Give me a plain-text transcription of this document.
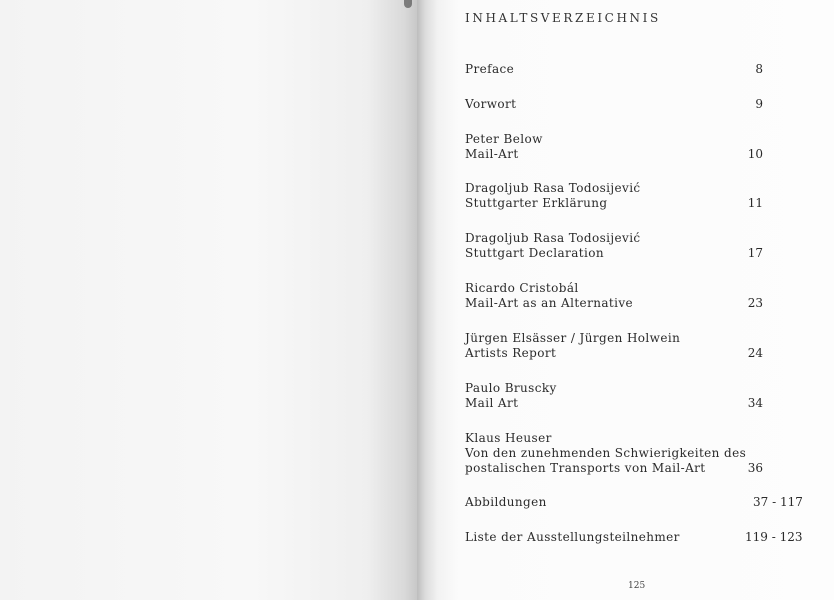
INHALTSVERZEICHNIS
Preface	8
Vorwort	9
Peter Below
Mail-Art	10
Dragoljub Rasa Todosijević
Stuttgarter Erklärung	11
Dragoljub Rasa Todosijević
Stuttgart Declaration	17
Ricardo Cristobál
Mail-Art as an Alternative	23
Jürgen Elsässer / Jürgen Holwein
Artists Report	24
Paulo Bruscky
Mail Art	34
Klaus Heuser
Von den zunehmenden Schwierigkeiten des
postalischen Transports von Mail-Art	36
Abbildungen	37 - 117
Liste der Ausstellungsteilnehmer	119 - 123
125
